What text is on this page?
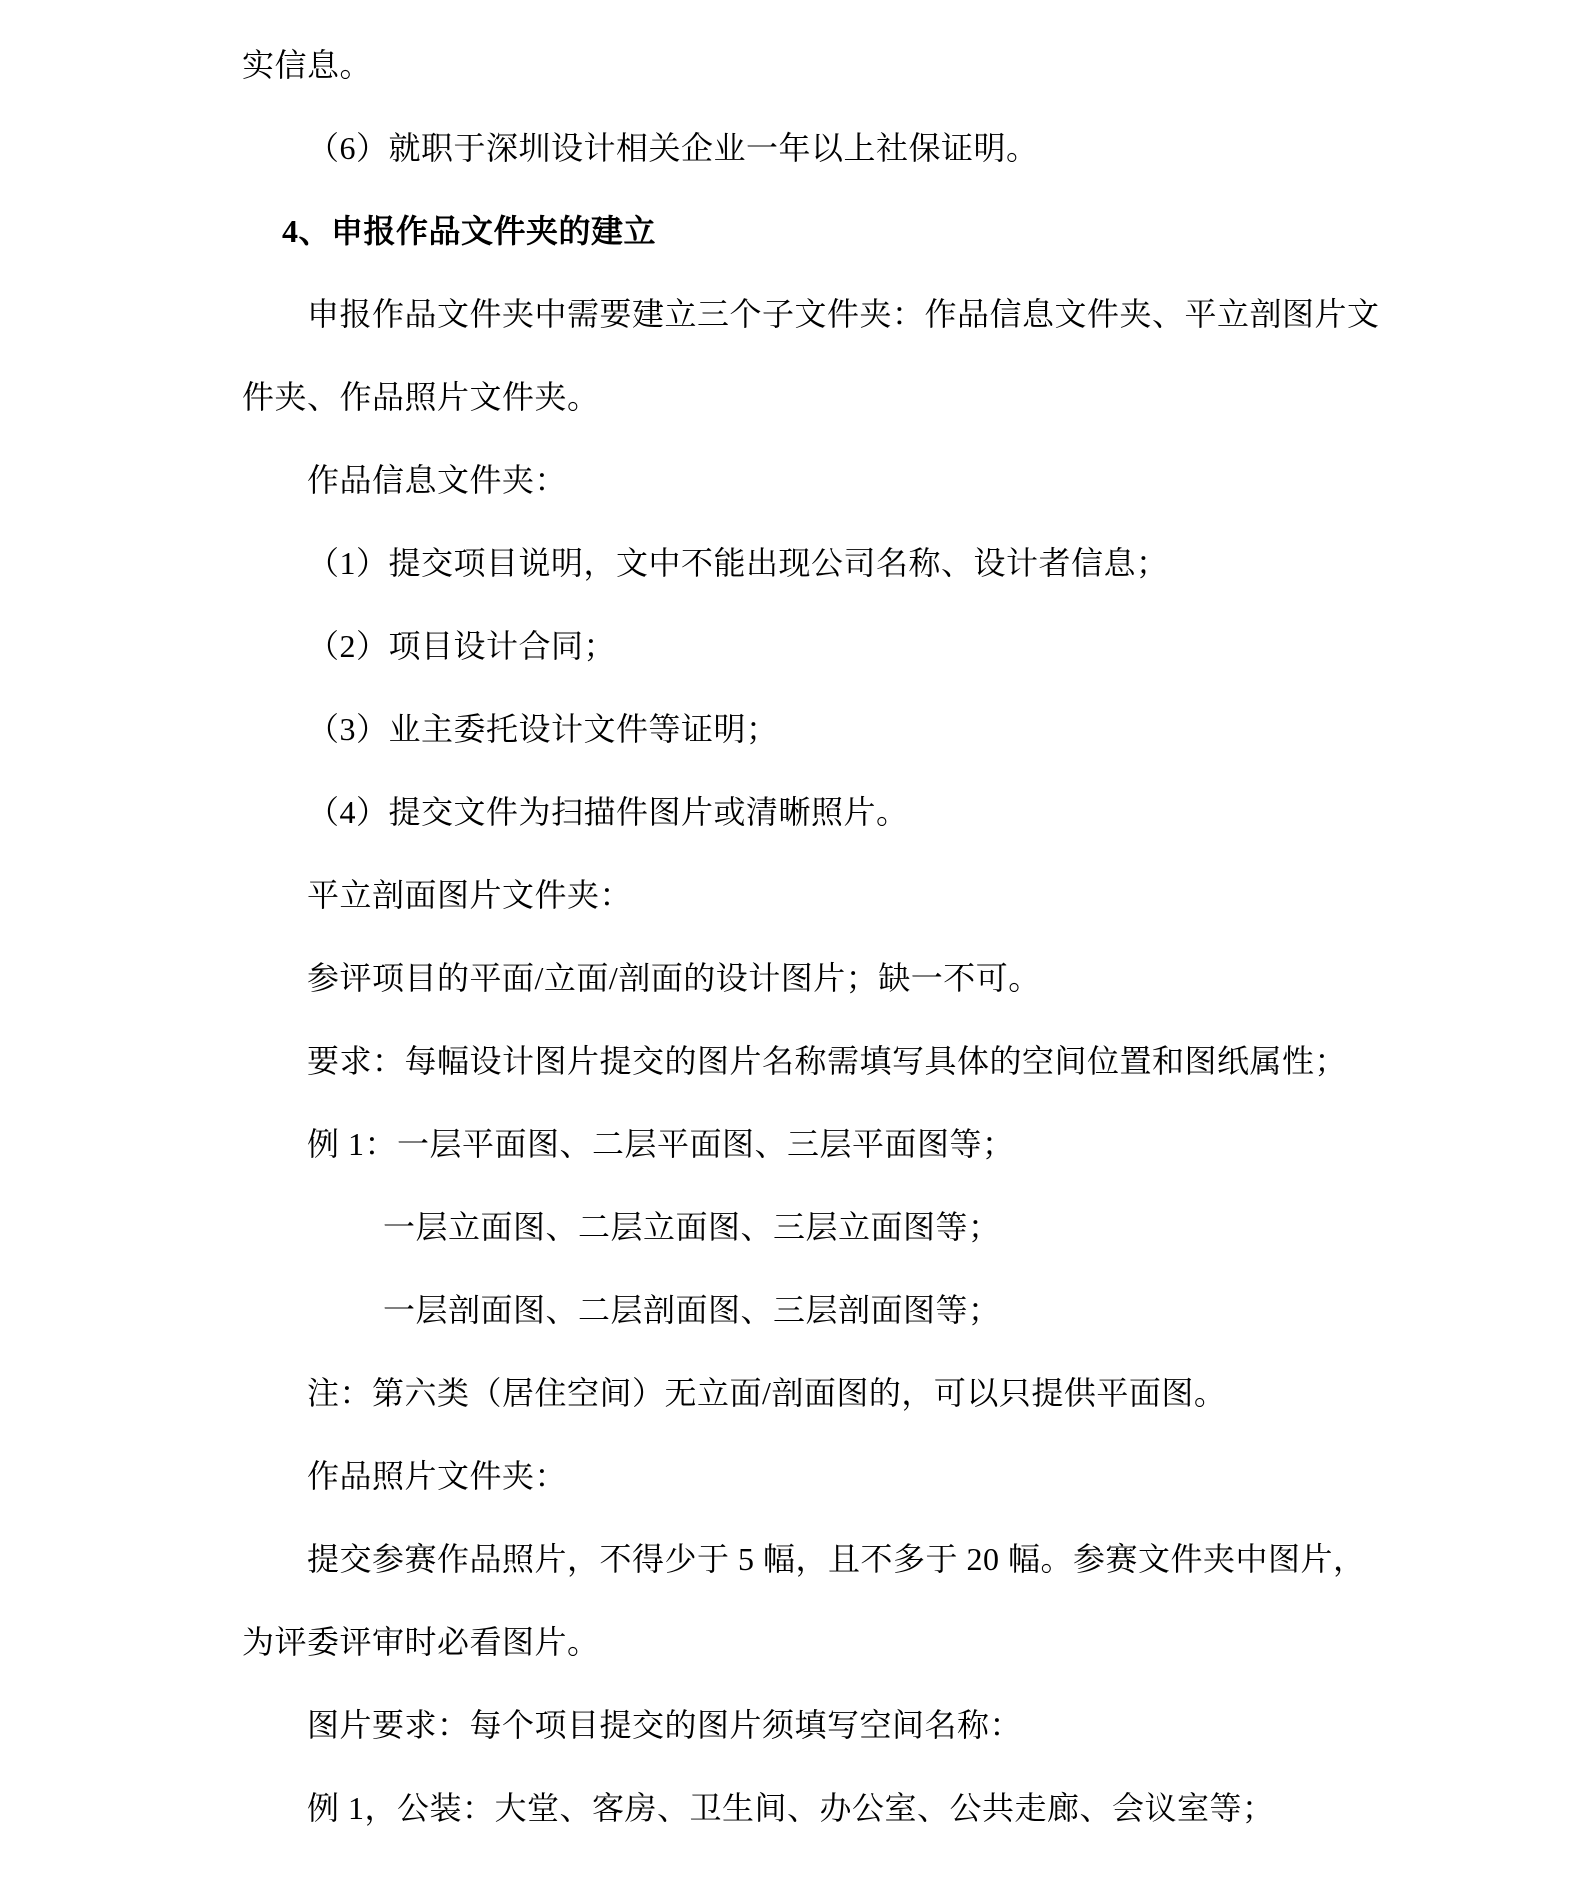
实信息。
（6）就职于深圳设计相关企业一年以上社保证明。
4、申报作品文件夹的建立
申报作品文件夹中需要建立三个子文件夹：作品信息文件夹、平立剖图片文
件夹、作品照片文件夹。
作品信息文件夹：
（1）提交项目说明，文中不能出现公司名称、设计者信息；
（2）项目设计合同；
（3）业主委托设计文件等证明；
（4）提交文件为扫描件图片或清晰照片。
平立剖面图片文件夹：
参评项目的平面/立面/剖面的设计图片；缺一不可。
要求：每幅设计图片提交的图片名称需填写具体的空间位置和图纸属性；
例 1：一层平面图、二层平面图、三层平面图等；
一层立面图、二层立面图、三层立面图等；
一层剖面图、二层剖面图、三层剖面图等；
注：第六类（居住空间）无立面/剖面图的，可以只提供平面图。
作品照片文件夹：
提交参赛作品照片，不得少于 5 幅，且不多于 20 幅。参赛文件夹中图片，
为评委评审时必看图片。
图片要求：每个项目提交的图片须填写空间名称：
例 1，公装：大堂、客房、卫生间、办公室、公共走廊、会议室等；
